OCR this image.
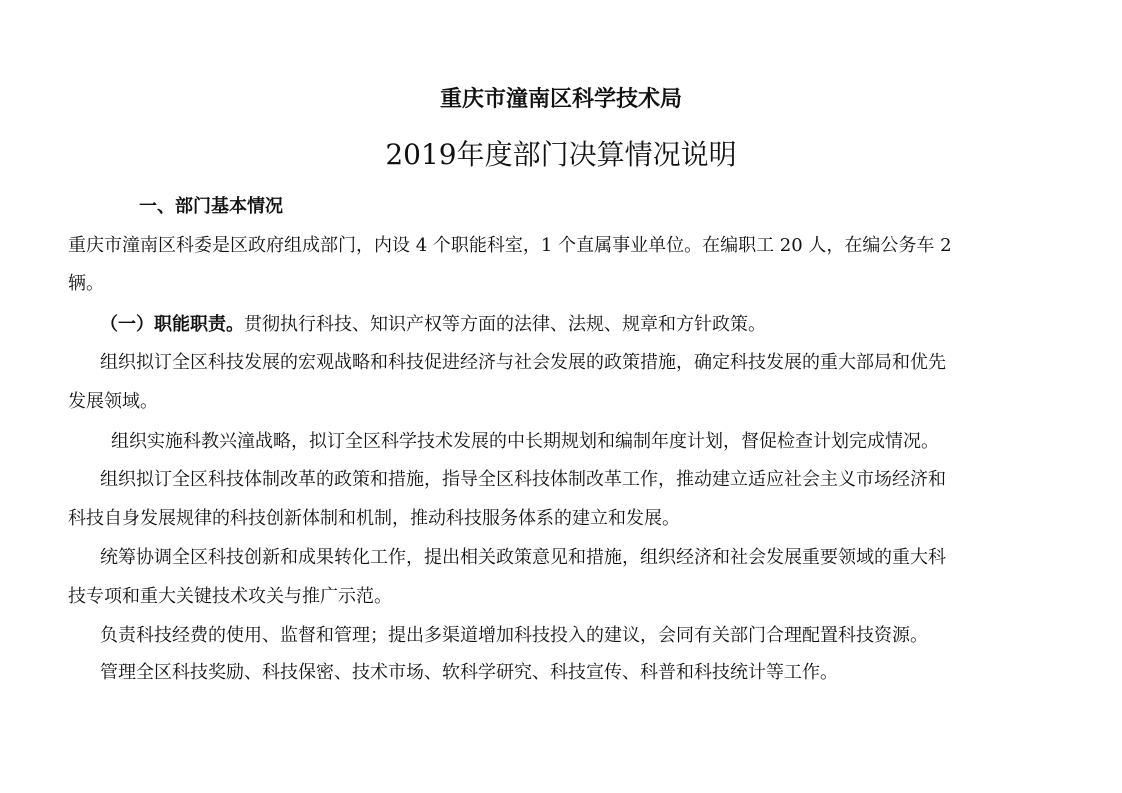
重庆市潼南区科学技术局
2019年度部门决算情况说明
一、部门基本情况
重庆市潼南区科委是区政府组成部门，内设 4 个职能科室，1 个直属事业单位。在编职工 20 人，在编公务车 2
辆。
（一）职能职责。贯彻执行科技、知识产权等方面的法律、法规、规章和方针政策。
组织拟订全区科技发展的宏观战略和科技促进经济与社会发展的政策措施，确定科技发展的重大部局和优先
发展领域。
组织实施科教兴潼战略，拟订全区科学技术发展的中长期规划和编制年度计划，督促检查计划完成情况。
组织拟订全区科技体制改革的政策和措施，指导全区科技体制改革工作，推动建立适应社会主义市场经济和
科技自身发展规律的科技创新体制和机制，推动科技服务体系的建立和发展。
统筹协调全区科技创新和成果转化工作，提出相关政策意见和措施，组织经济和社会发展重要领域的重大科
技专项和重大关键技术攻关与推广示范。
负责科技经费的使用、监督和管理；提出多渠道增加科技投入的建议，会同有关部门合理配置科技资源。
管理全区科技奖励、科技保密、技术市场、软科学研究、科技宣传、科普和科技统计等工作。
